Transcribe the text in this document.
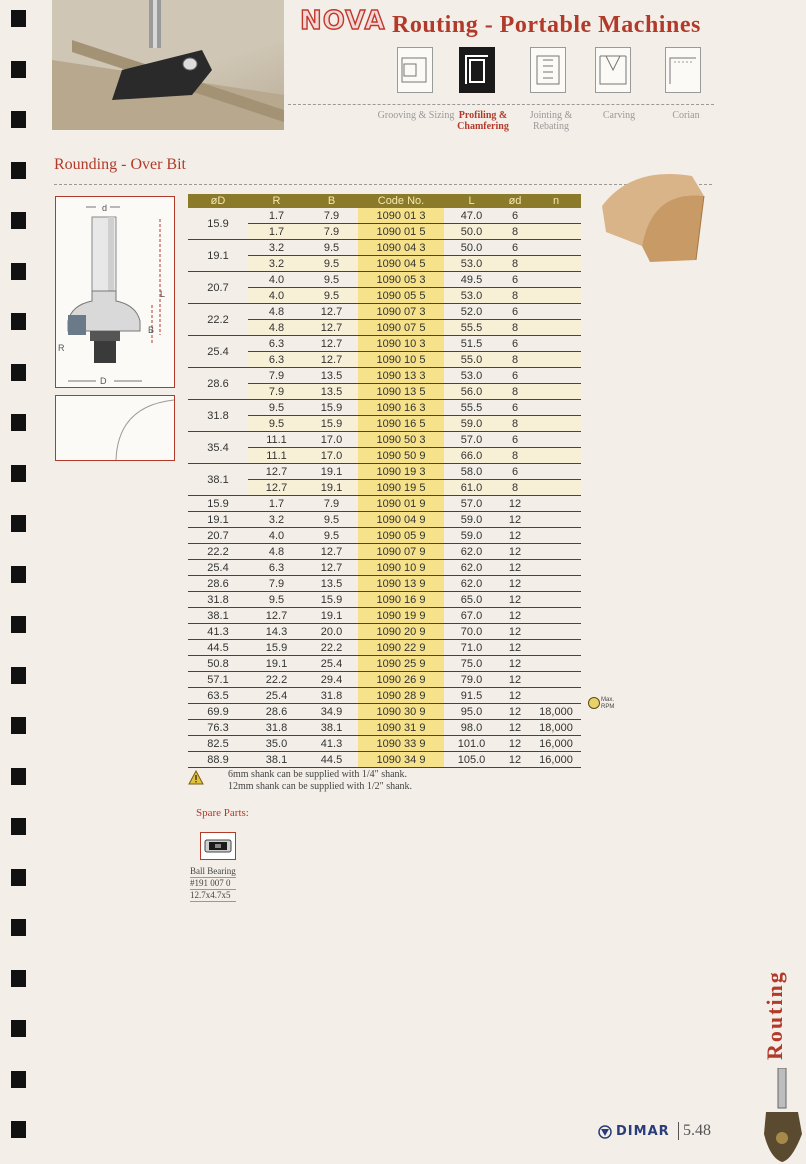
NOVA Routing - Portable Machines
Grooving & Sizing Profiling & Chamfering
Jointing & Rebating
Carving	Corian
Rounding - Over Bit
d
L
B
R
D
øD	R	B	Code No.	L	ød	n
15.9	1.7	7.9	1090 01 3	47.0	6	
	1.7	7.9	1090 01 5	50.0	8	
19.1	3.2	9.5	1090 04 3	50.0	6	
	3.2	9.5	1090 04 5	53.0	8	
20.7	4.0	9.5	1090 05 3	49.5	6	
	4.0	9.5	1090 05 5	53.0	8	
22.2	4.8	12.7	1090 07 3	52.0	6	
	4.8	12.7	1090 07 5	55.5	8	
25.4	6.3	12.7	1090 10 3	51.5	6	
	6.3	12.7	1090 10 5	55.0	8	
28.6	7.9	13.5	1090 13 3	53.0	6	
	7.9	13.5	1090 13 5	56.0	8	
31.8	9.5	15.9	1090 16 3	55.5	6	
	9.5	15.9	1090 16 5	59.0	8	
35.4	11.1	17.0	1090 50 3	57.0	6	
	11.1	17.0	1090 50 9	66.0	8	
38.1	12.7	19.1	1090 19 3	58.0	6	
	12.7	19.1	1090 19 5	61.0	8	
15.9	1.7	7.9	1090 01 9	57.0	12	
19.1	3.2	9.5	1090 04 9	59.0	12	
20.7	4.0	9.5	1090 05 9	59.0	12	
22.2	4.8	12.7	1090 07 9	62.0	12	
25.4	6.3	12.7	1090 10 9	62.0	12	
28.6	7.9	13.5	1090 13 9	62.0	12	
31.8	9.5	15.9	1090 16 9	65.0	12	
38.1	12.7	19.1	1090 19 9	67.0	12	
41.3	14.3	20.0	1090 20 9	70.0	12	
44.5	15.9	22.2	1090 22 9	71.0	12	
50.8	19.1	25.4	1090 25 9	75.0	12	
57.1	22.2	29.4	1090 26 9	79.0	12	
63.5	25.4	31.8	1090 28 9	91.5	12	
69.9	28.6	34.9	1090 30 9	95.0	12	18,000
76.3	31.8	38.1	1090 31 9	98.0	12	18,000
82.5	35.0	41.3	1090 33 9	101.0	12	16,000
88.9	38.1	44.5	1090 34 9	105.0	12	16,000
Max.
RPM
6mm shank can be supplied with 1/4" shank.
12mm shank can be supplied with 1/2" shank.
Spare Parts:
Ball Bearing
#191 007 0
12.7x4.7x5
Routing
DIMAR 5.48
